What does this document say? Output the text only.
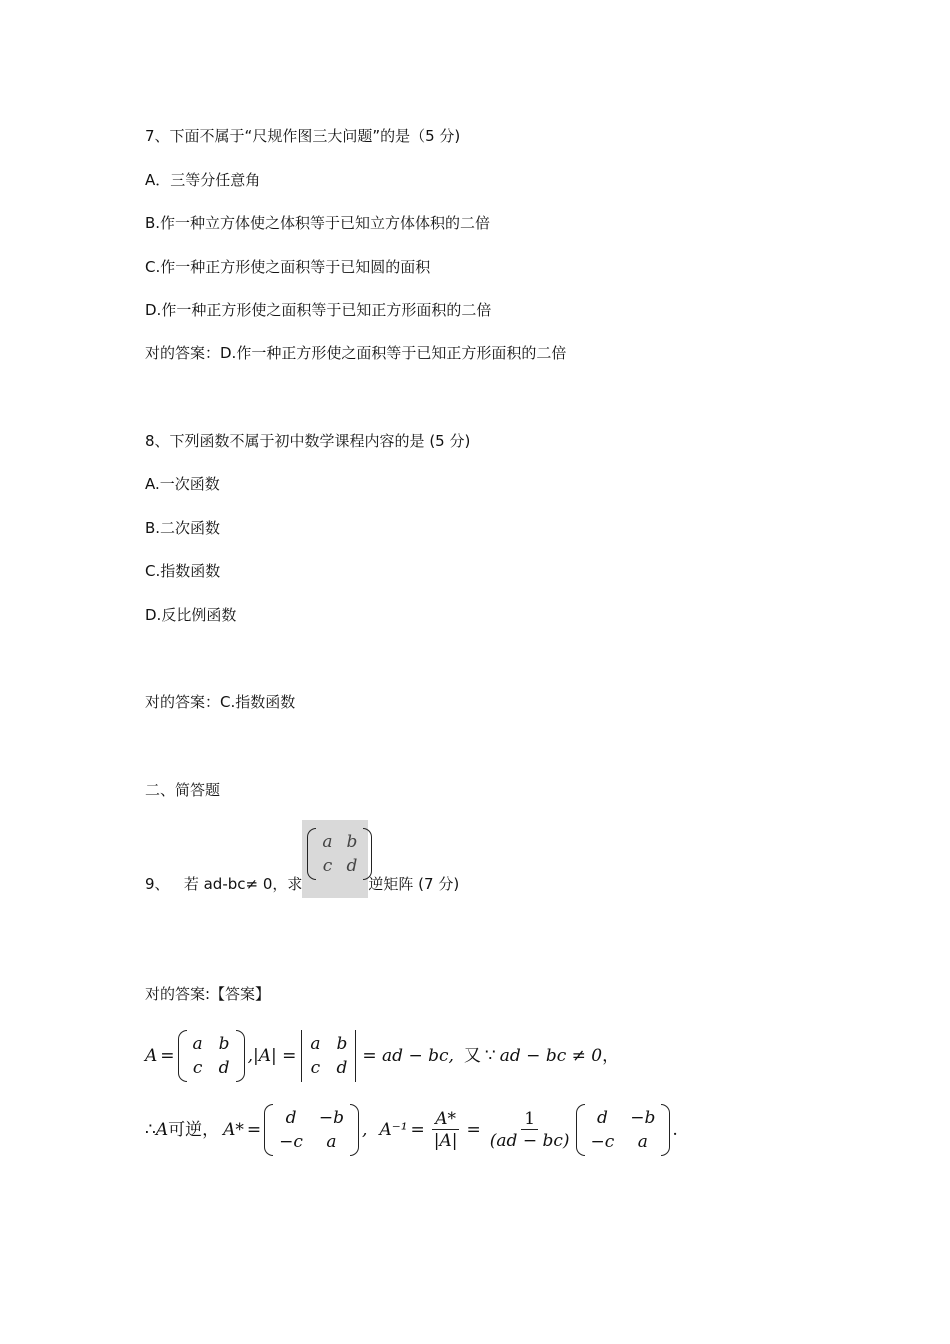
7、下面不属于“尺规作图三大问题”的是（5 分)
A．三等分任意角
B.作一种立方体使之体积等于已知立方体体积的二倍
C.作一种正方形使之面积等于已知圆的面积
D.作一种正方形使之面积等于已知正方形面积的二倍
对的答案：D.作一种正方形使之面积等于已知正方形面积的二倍
8、下列函数不属于初中数学课程内容的是 (5 分)
A.一次函数
B.二次函数
C.指数函数
D.反比例函数
对的答案：C.指数函数
二、简答题
9、   若 ad-bc≠ 0，求
a b
c d
逆矩阵 (7 分)
对的答案:【答案】
A =
a b
c d
,|A| =
a b
c d
= ad − bc, 又 ∵ ad − bc ≠ 0 ，
∴ A 可逆， A* =
d	−b
−c	a
, $A^{-1} = \frac{A*}{|A|} = \frac{1}{(ad - bc)}$	d	−b
−c	a
.
